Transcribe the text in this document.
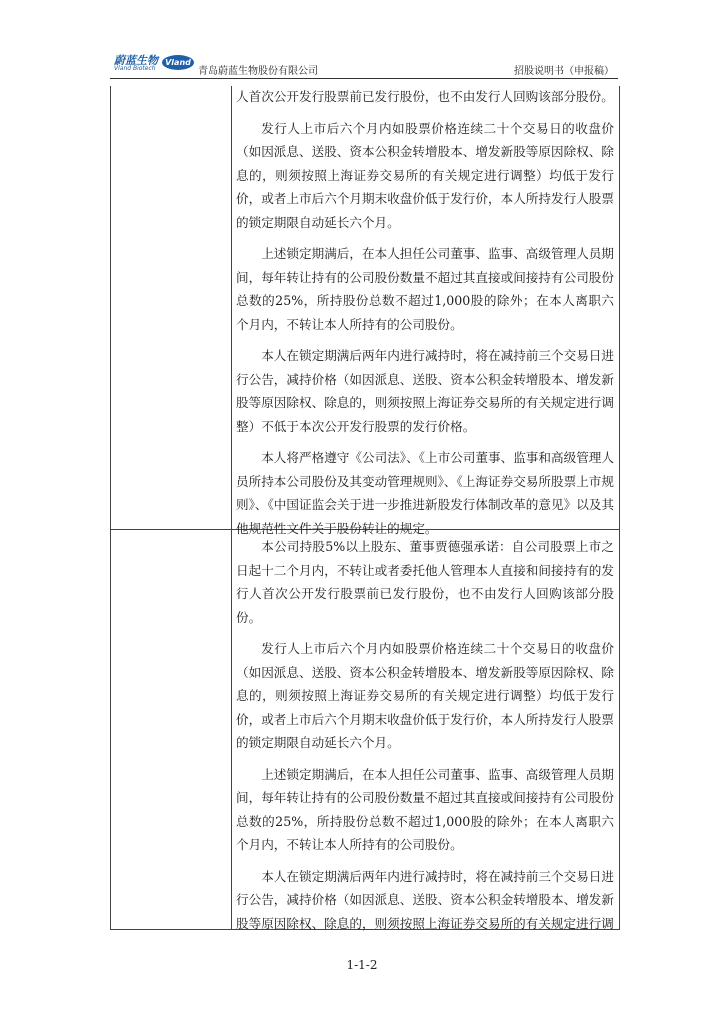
蔚蓝生物
Vland Biotech
Vland
青岛蔚蓝生物股份有限公司	招股说明书（申报稿）

人首次公开发行股票前已发行股份，也不由发行人回购该部分股份。

发行人上市后六个月内如股票价格连续二十个交易日的收盘价（如因派息、送股、资本公积金转增股本、增发新股等原因除权、除息的，则须按照上海证券交易所的有关规定进行调整）均低于发行价，或者上市后六个月期末收盘价低于发行价，本人所持发行人股票的锁定期限自动延长六个月。

上述锁定期满后，在本人担任公司董事、监事、高级管理人员期间，每年转让持有的公司股份数量不超过其直接或间接持有公司股份总数的25%，所持股份总数不超过1,000股的除外；在本人离职六个月内，不转让本人所持有的公司股份。

本人在锁定期满后两年内进行减持时，将在减持前三个交易日进行公告，减持价格（如因派息、送股、资本公积金转增股本、增发新股等原因除权、除息的，则须按照上海证券交易所的有关规定进行调整）不低于本次公开发行股票的发行价格。

本人将严格遵守《公司法》、《上市公司董事、监事和高级管理人员所持本公司股份及其变动管理规则》、《上海证券交易所股票上市规则》、《中国证监会关于进一步推进新股发行体制改革的意见》以及其他规范性文件关于股份转让的规定。

本公司持股5%以上股东、董事贾德强承诺：自公司股票上市之日起十二个月内，不转让或者委托他人管理本人直接和间接持有的发行人首次公开发行股票前已发行股份，也不由发行人回购该部分股份。

发行人上市后六个月内如股票价格连续二十个交易日的收盘价（如因派息、送股、资本公积金转增股本、增发新股等原因除权、除息的，则须按照上海证券交易所的有关规定进行调整）均低于发行价，或者上市后六个月期末收盘价低于发行价，本人所持发行人股票的锁定期限自动延长六个月。

上述锁定期满后，在本人担任公司董事、监事、高级管理人员期间，每年转让持有的公司股份数量不超过其直接或间接持有公司股份总数的25%，所持股份总数不超过1,000股的除外；在本人离职六个月内，不转让本人所持有的公司股份。

本人在锁定期满后两年内进行减持时，将在减持前三个交易日进行公告，减持价格（如因派息、送股、资本公积金转增股本、增发新股等原因除权、除息的，则须按照上海证券交易所的有关规定进行调

1-1-2
